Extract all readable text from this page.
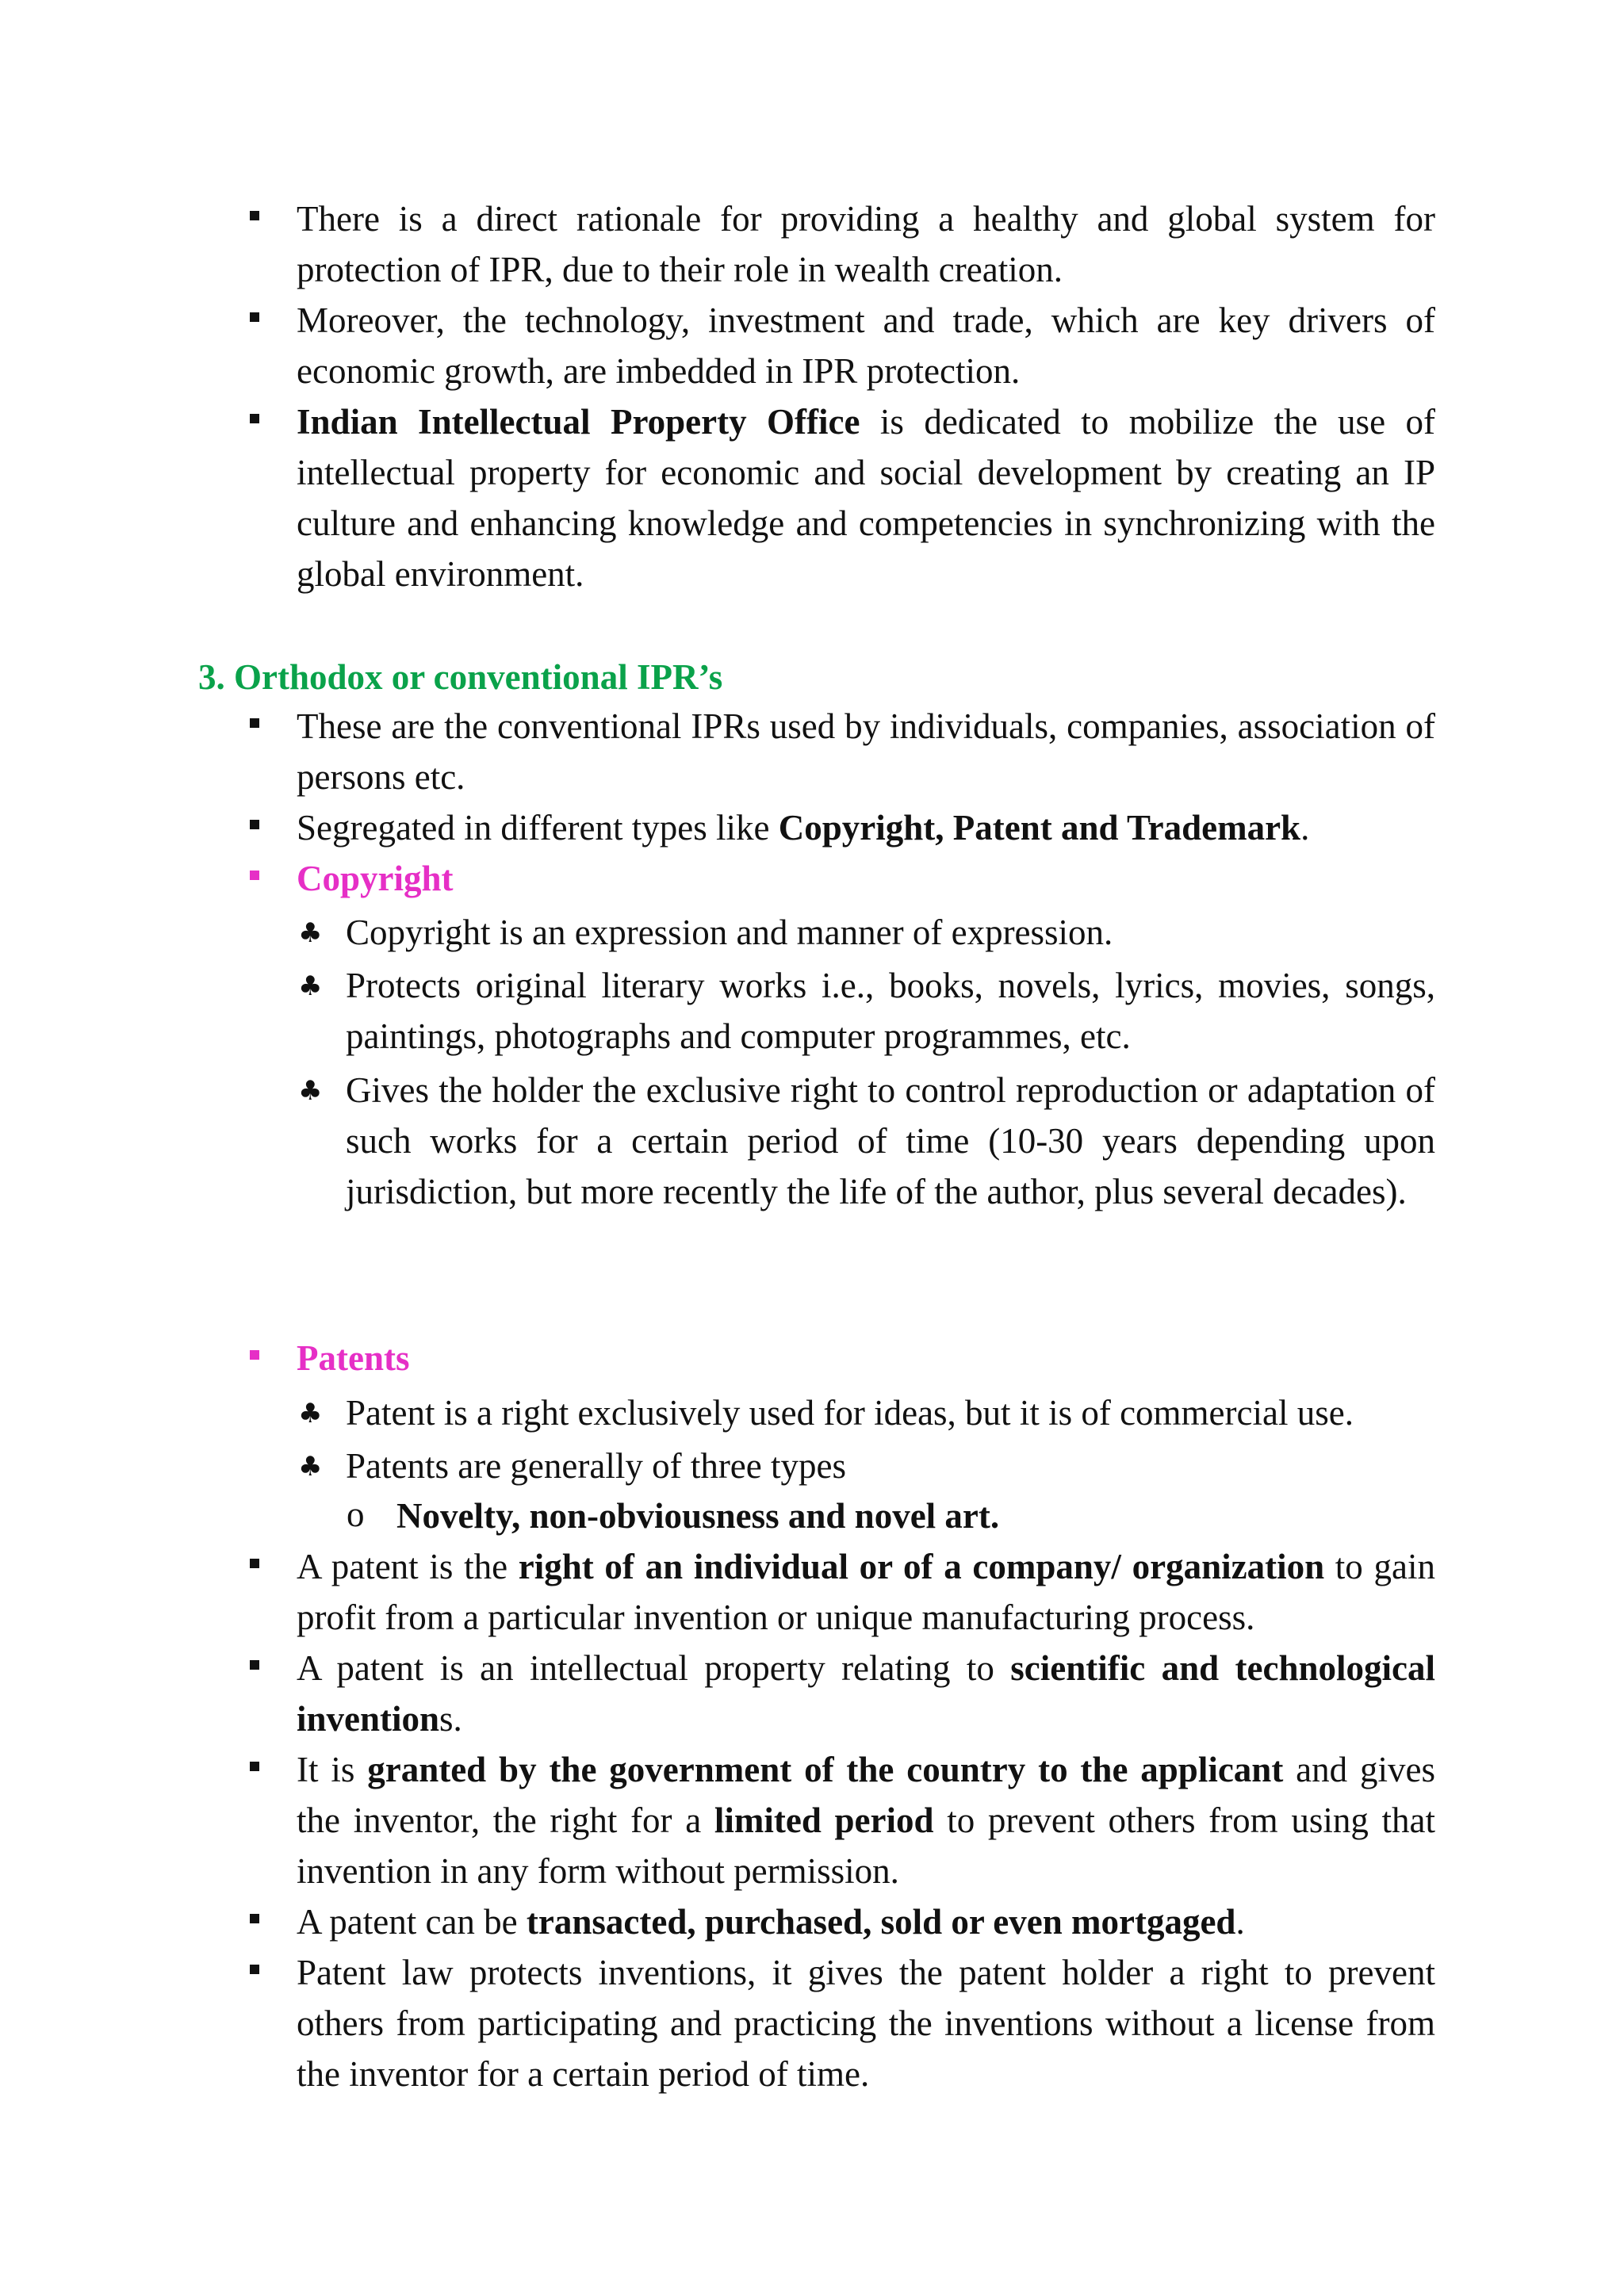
There is a direct rationale for providing a healthy and global system for protection of IPR, due to their role in wealth creation.
Moreover, the technology, investment and trade, which are key drivers of economic growth, are imbedded in IPR protection.
Indian Intellectual Property Office is dedicated to mobilize the use of intellectual property for economic and social development by creating an IP culture and enhancing knowledge and competencies in synchronizing with the global environment.
3. Orthodox or conventional IPR’s
These are the conventional IPRs used by individuals, companies, association of persons etc.
Segregated in different types like Copyright, Patent and Trademark.
Copyright
♣ Copyright is an expression and manner of expression.
♣ Protects original literary works i.e., books, novels, lyrics, movies, songs, paintings, photographs and computer programmes, etc.
♣ Gives the holder the exclusive right to control reproduction or adaptation of such works for a certain period of time (10-30 years depending upon jurisdiction, but more recently the life of the author, plus several decades).
Patents
♣ Patent is a right exclusively used for ideas, but it is of commercial use.
♣ Patents are generally of three types
o Novelty, non-obviousness and novel art.
A patent is the right of an individual or of a company/ organization to gain profit from a particular invention or unique manufacturing process.
A patent is an intellectual property relating to scientific and technological inventions.
It is granted by the government of the country to the applicant and gives the inventor, the right for a limited period to prevent others from using that invention in any form without permission.
A patent can be transacted, purchased, sold or even mortgaged.
Patent law protects inventions, it gives the patent holder a right to prevent others from participating and practicing the inventions without a license from the inventor for a certain period of time.
